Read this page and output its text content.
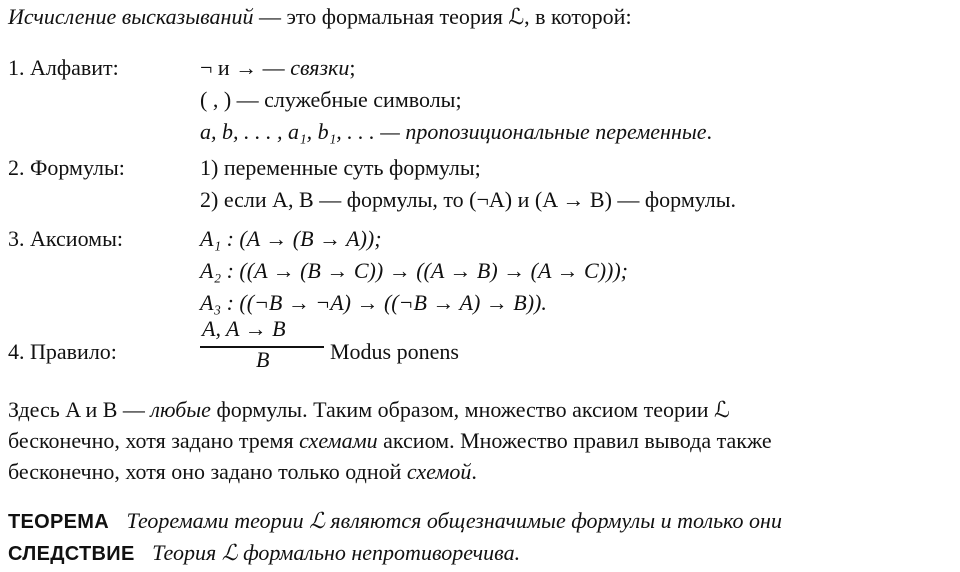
Исчисление высказываний — это формальная теория ℒ, в которой:
1. Алфавит:	¬ и → — связки;
( , ) — служебные символы;
a, b, . . . , a₁, b₁, . . . — пропозициональные переменные.
2. Формулы:	1) переменные суть формулы;
2) если A, B — формулы, то (¬A) и (A → B) — формулы.
3. Аксиомы:	A₁ : (A → (B → A));
A₂ : ((A → (B → C)) → ((A → B) → (A → C)));
A₃ : ((¬B → ¬A) → ((¬B → A) → B)).
4. Правило:
A, A → B
B	Modus ponens
Здесь A и B — любые формулы. Таким образом, множество аксиом теории ℒ
бесконечно, хотя задано тремя схемами аксиом. Множество правил вывода также
бесконечно, хотя оно задано только одной схемой.
ТЕОРЕМА Теоремами теории ℒ являются общезначимые формулы и только они
СЛЕДСТВИЕ Теория ℒ формально непротиворечива.
